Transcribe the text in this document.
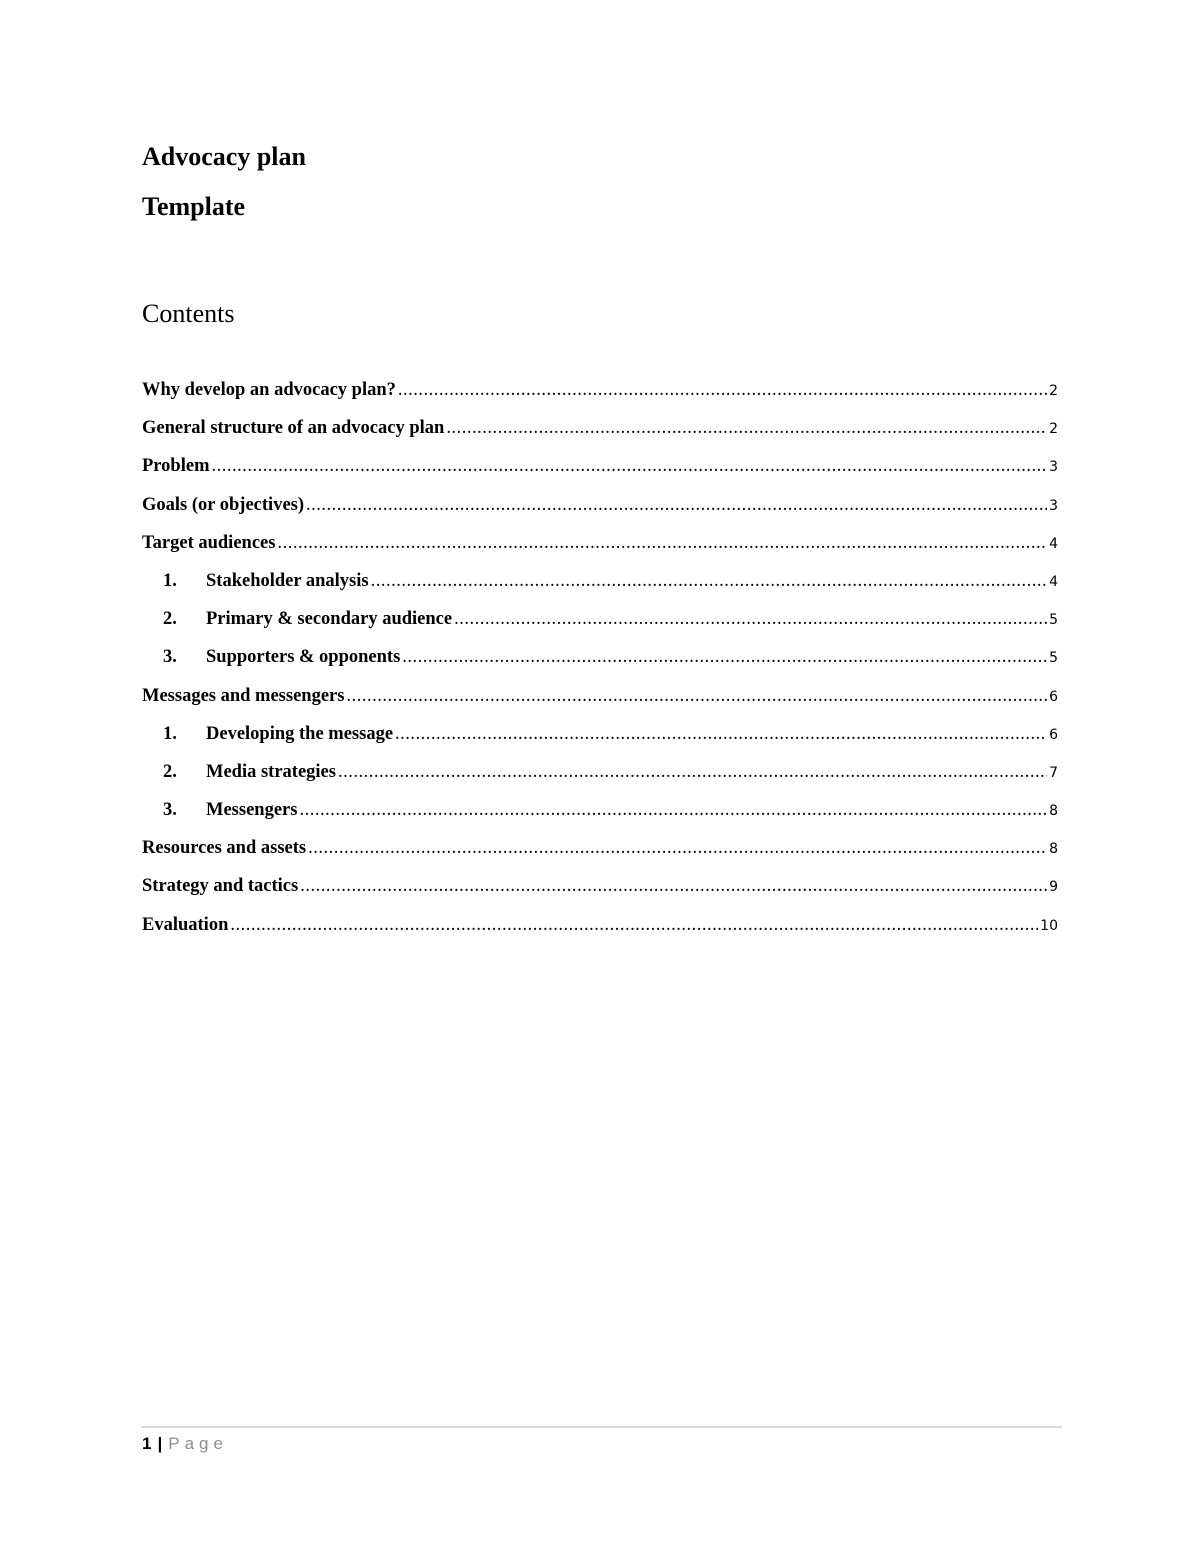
Advocacy plan
Template
Contents
Why develop an advocacy plan? .....	2
General structure of an advocacy plan .....	2
Problem .....	3
Goals (or objectives) .....	3
Target audiences .....	4
1.	Stakeholder analysis .....	4
2.	Primary & secondary audience .....	5
3.	Supporters & opponents .....	5
Messages and messengers .....	6
1.	Developing the message .....	6
2.	Media strategies .....	7
3.	Messengers .....	8
Resources and assets .....	8
Strategy and tactics .....	9
Evaluation .....	10
1 | Page
